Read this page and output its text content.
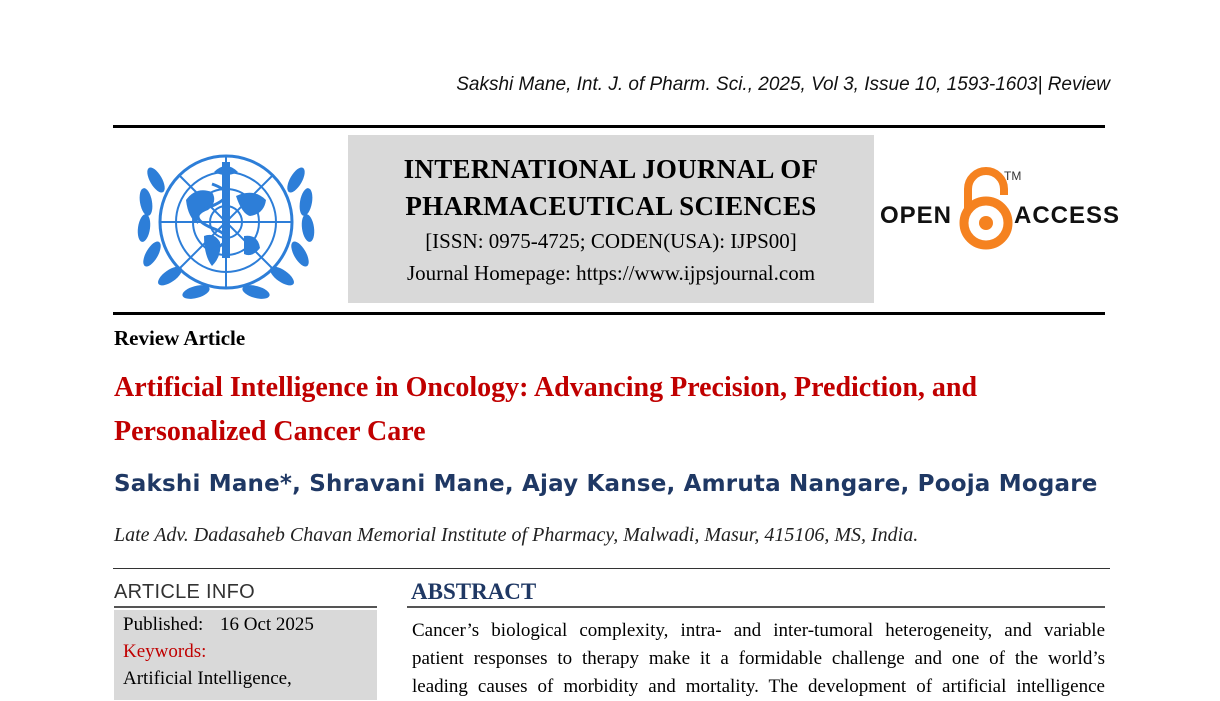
Sakshi Mane, Int. J. of Pharm. Sci., 2025, Vol 3, Issue 10, 1593-1603| Review
INTERNATIONAL JOURNAL OF
PHARMACEUTICAL SCIENCES
[ISSN: 0975-4725; CODEN(USA): IJPS00]
Journal Homepage: https://www.ijpsjournal.com
OPEN
TM
ACCESS
Review Article
Artificial Intelligence in Oncology: Advancing Precision, Prediction, and
Personalized Cancer Care
Sakshi Mane*, Shravani Mane, Ajay Kanse, Amruta Nangare, Pooja Mogare
Late Adv. Dadasaheb Chavan Memorial Institute of Pharmacy, Malwadi, Masur, 415106, MS, India.
ARTICLE INFO
Published: 16 Oct 2025
Keywords:
Artificial Intelligence,
ABSTRACT
Cancer’s biological complexity, intra- and inter-tumoral heterogeneity, and variable
patient responses to therapy make it a formidable challenge and one of the world’s
leading causes of morbidity and mortality. The development of artificial intelligence
